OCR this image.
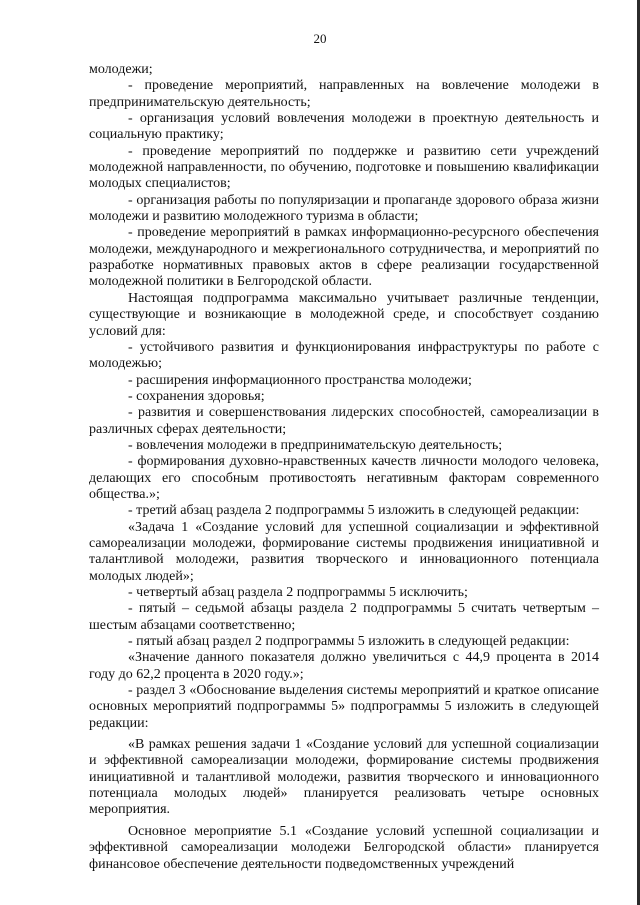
20

молодежи;

- проведение мероприятий, направленных на вовлечение молодежи в предпринимательскую деятельность;

- организация условий вовлечения молодежи в проектную деятельность и социальную практику;

- проведение мероприятий по поддержке и развитию сети учреждений молодежной направленности, по обучению, подготовке и повышению квалификации молодых специалистов;

- организация работы по популяризации и пропаганде здорового образа жизни молодежи и развитию молодежного туризма в области;

- проведение мероприятий в рамках информационно-ресурсного обеспечения молодежи, международного и межрегионального сотрудничества, и мероприятий по разработке нормативных правовых актов в сфере реализации государственной молодежной политики в Белгородской области.

Настоящая подпрограмма максимально учитывает различные тенденции, существующие и возникающие в молодежной среде, и способствует созданию условий для:

- устойчивого развития и функционирования инфраструктуры по работе с молодежью;

- расширения информационного пространства молодежи;

- сохранения здоровья;

- развития и совершенствования лидерских способностей, самореализации в различных сферах деятельности;

- вовлечения молодежи в предпринимательскую деятельность;

- формирования духовно-нравственных качеств личности молодого человека, делающих его способным противостоять негативным факторам современного общества.»;

- третий абзац раздела 2 подпрограммы 5 изложить в следующей редакции:

«Задача 1 «Создание условий для успешной социализации и эффективной самореализации молодежи, формирование системы продвижения инициативной и талантливой молодежи, развития творческого и инновационного потенциала молодых людей»;

- четвертый абзац раздела 2 подпрограммы 5 исключить;

- пятый – седьмой абзацы раздела 2 подпрограммы 5 считать четвертым – шестым абзацами соответственно;

- пятый абзац раздел 2 подпрограммы 5 изложить в следующей редакции:

«Значение данного показателя должно увеличиться с 44,9 процента в 2014 году до 62,2 процента в 2020 году.»;

- раздел 3 «Обоснование выделения системы мероприятий и краткое описание основных мероприятий подпрограммы 5» подпрограммы 5 изложить в следующей редакции:

«В рамках решения задачи 1 «Создание условий для успешной социализации и эффективной самореализации молодежи, формирование системы продвижения инициативной и талантливой молодежи, развития творческого и инновационного потенциала молодых людей» планируется реализовать четыре основных мероприятия.

Основное мероприятие 5.1 «Создание условий успешной социализации и эффективной самореализации молодежи Белгородской области» планируется финансовое обеспечение деятельности подведомственных учреждений
